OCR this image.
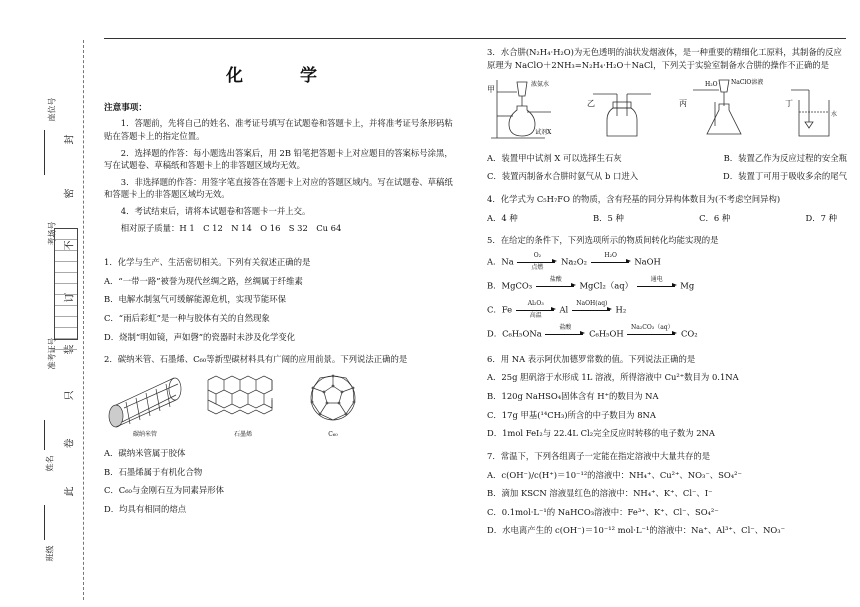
封
密
不
订
装
只
卷
此
座位号
考场号
准考证号
姓名
班级
化　学
注意事项：

1．答题前，先将自己的姓名、准考证号填写在试题卷和答题卡上，并将准考证号条形码粘贴在答题卡上的指定位置。

2．选择题的作答：每小题选出答案后，用 2B 铅笔把答题卡上对应题目的答案标号涂黑，写在试题卷、草稿纸和答题卡上的非答题区域均无效。

3．非选择题的作答：用签字笔直接答在答题卡上对应的答题区域内。写在试题卷、草稿纸和答题卡上的非答题区域均无效。

4．考试结束后，请将本试题卷和答题卡一并上交。

相对原子质量：H 1　C 12　N 14　O 16　S 32　Cu 64

1．化学与生产、生活密切相关。下列有关叙述正确的是
A．“一带一路”被誉为现代丝绸之路，丝绸属于纤维素
B．电解水制氢气可缓解能源危机，实现节能环保
C．“雨后彩虹”是一种与胶体有关的自然现象
D．烧制“明如镜，声如磬”的瓷器时未涉及化学变化
2．碳纳米管、石墨烯、C₆₀等新型碳材料具有广阔的应用前景。下列说法正确的是
碳纳米管	石墨烯	C₆₀
A．碳纳米管属于胶体
B．石墨烯属于有机化合物
C．C₆₀与金刚石互为同素异形体
D．均具有相同的熔点
3．水合肼(N₂H₄·H₂O)为无色透明的油状发烟液体，是一种重要的精细化工原料，其制备的反应原理为 NaClO＋2NH₃=N₂H₄·H₂O＋NaCl，下列关于实验室制备水合肼的操作不正确的是
甲
浓氨水
试剂X
乙	丙
NaClO溶液
H₂O
丁
水
A．装置甲中试剂 X 可以选择生石灰	B．装置乙作为反应过程的安全瓶
C．装置丙制备水合肼时氨气从 b 口进入	D．装置丁可用于吸收多余的尾气
4．化学式为 C₅H₇FO 的物质，含有羟基的同分异构体数目为(不考虑空间异构)
A．4 种	B．5 种	C．6 种	D．7 种
5．在给定的条件下，下列选项所示的物质间转化均能实现的是
A．Na
O₂
点燃
Na₂O₂
H₂O

NaOH
B．MgCO₃
盐酸

MgCl₂（aq）
通电

Mg
C．Fe
Al₂O₃
高温
Al
NaOH(aq)

H₂
D．C₆H₅ONa
盐酸

C₆H₅OH
Na₂CO₃（aq）

CO₂
6．用 NA 表示阿伏加德罗常数的值。下列说法正确的是
A．25g 胆矾溶于水形成 1L 溶液，所得溶液中 Cu²⁺数目为 0.1NA
B．120g NaHSO₄固体含有 H⁺的数目为 NA
C．17g 甲基(¹⁴CH₃)所含的中子数目为 8NA
D．1mol FeI₂与 22.4L Cl₂完全反应时转移的电子数为 2NA
7．常温下，下列各组离子一定能在指定溶液中大量共存的是
A．c(OH⁻)/c(H⁺)＝10⁻¹²的溶液中：NH₄⁺、Cu²⁺、NO₃⁻、SO₄²⁻
B．滴加 KSCN 溶液显红色的溶液中：NH₄⁺、K⁺、Cl⁻、I⁻
C．0.1mol·L⁻¹的 NaHCO₃溶液中：Fe³⁺、K⁺、Cl⁻、SO₄²⁻
D．水电离产生的 c(OH⁻)＝10⁻¹² mol·L⁻¹的溶液中：Na⁺、Al³⁺、Cl⁻、NO₃⁻
